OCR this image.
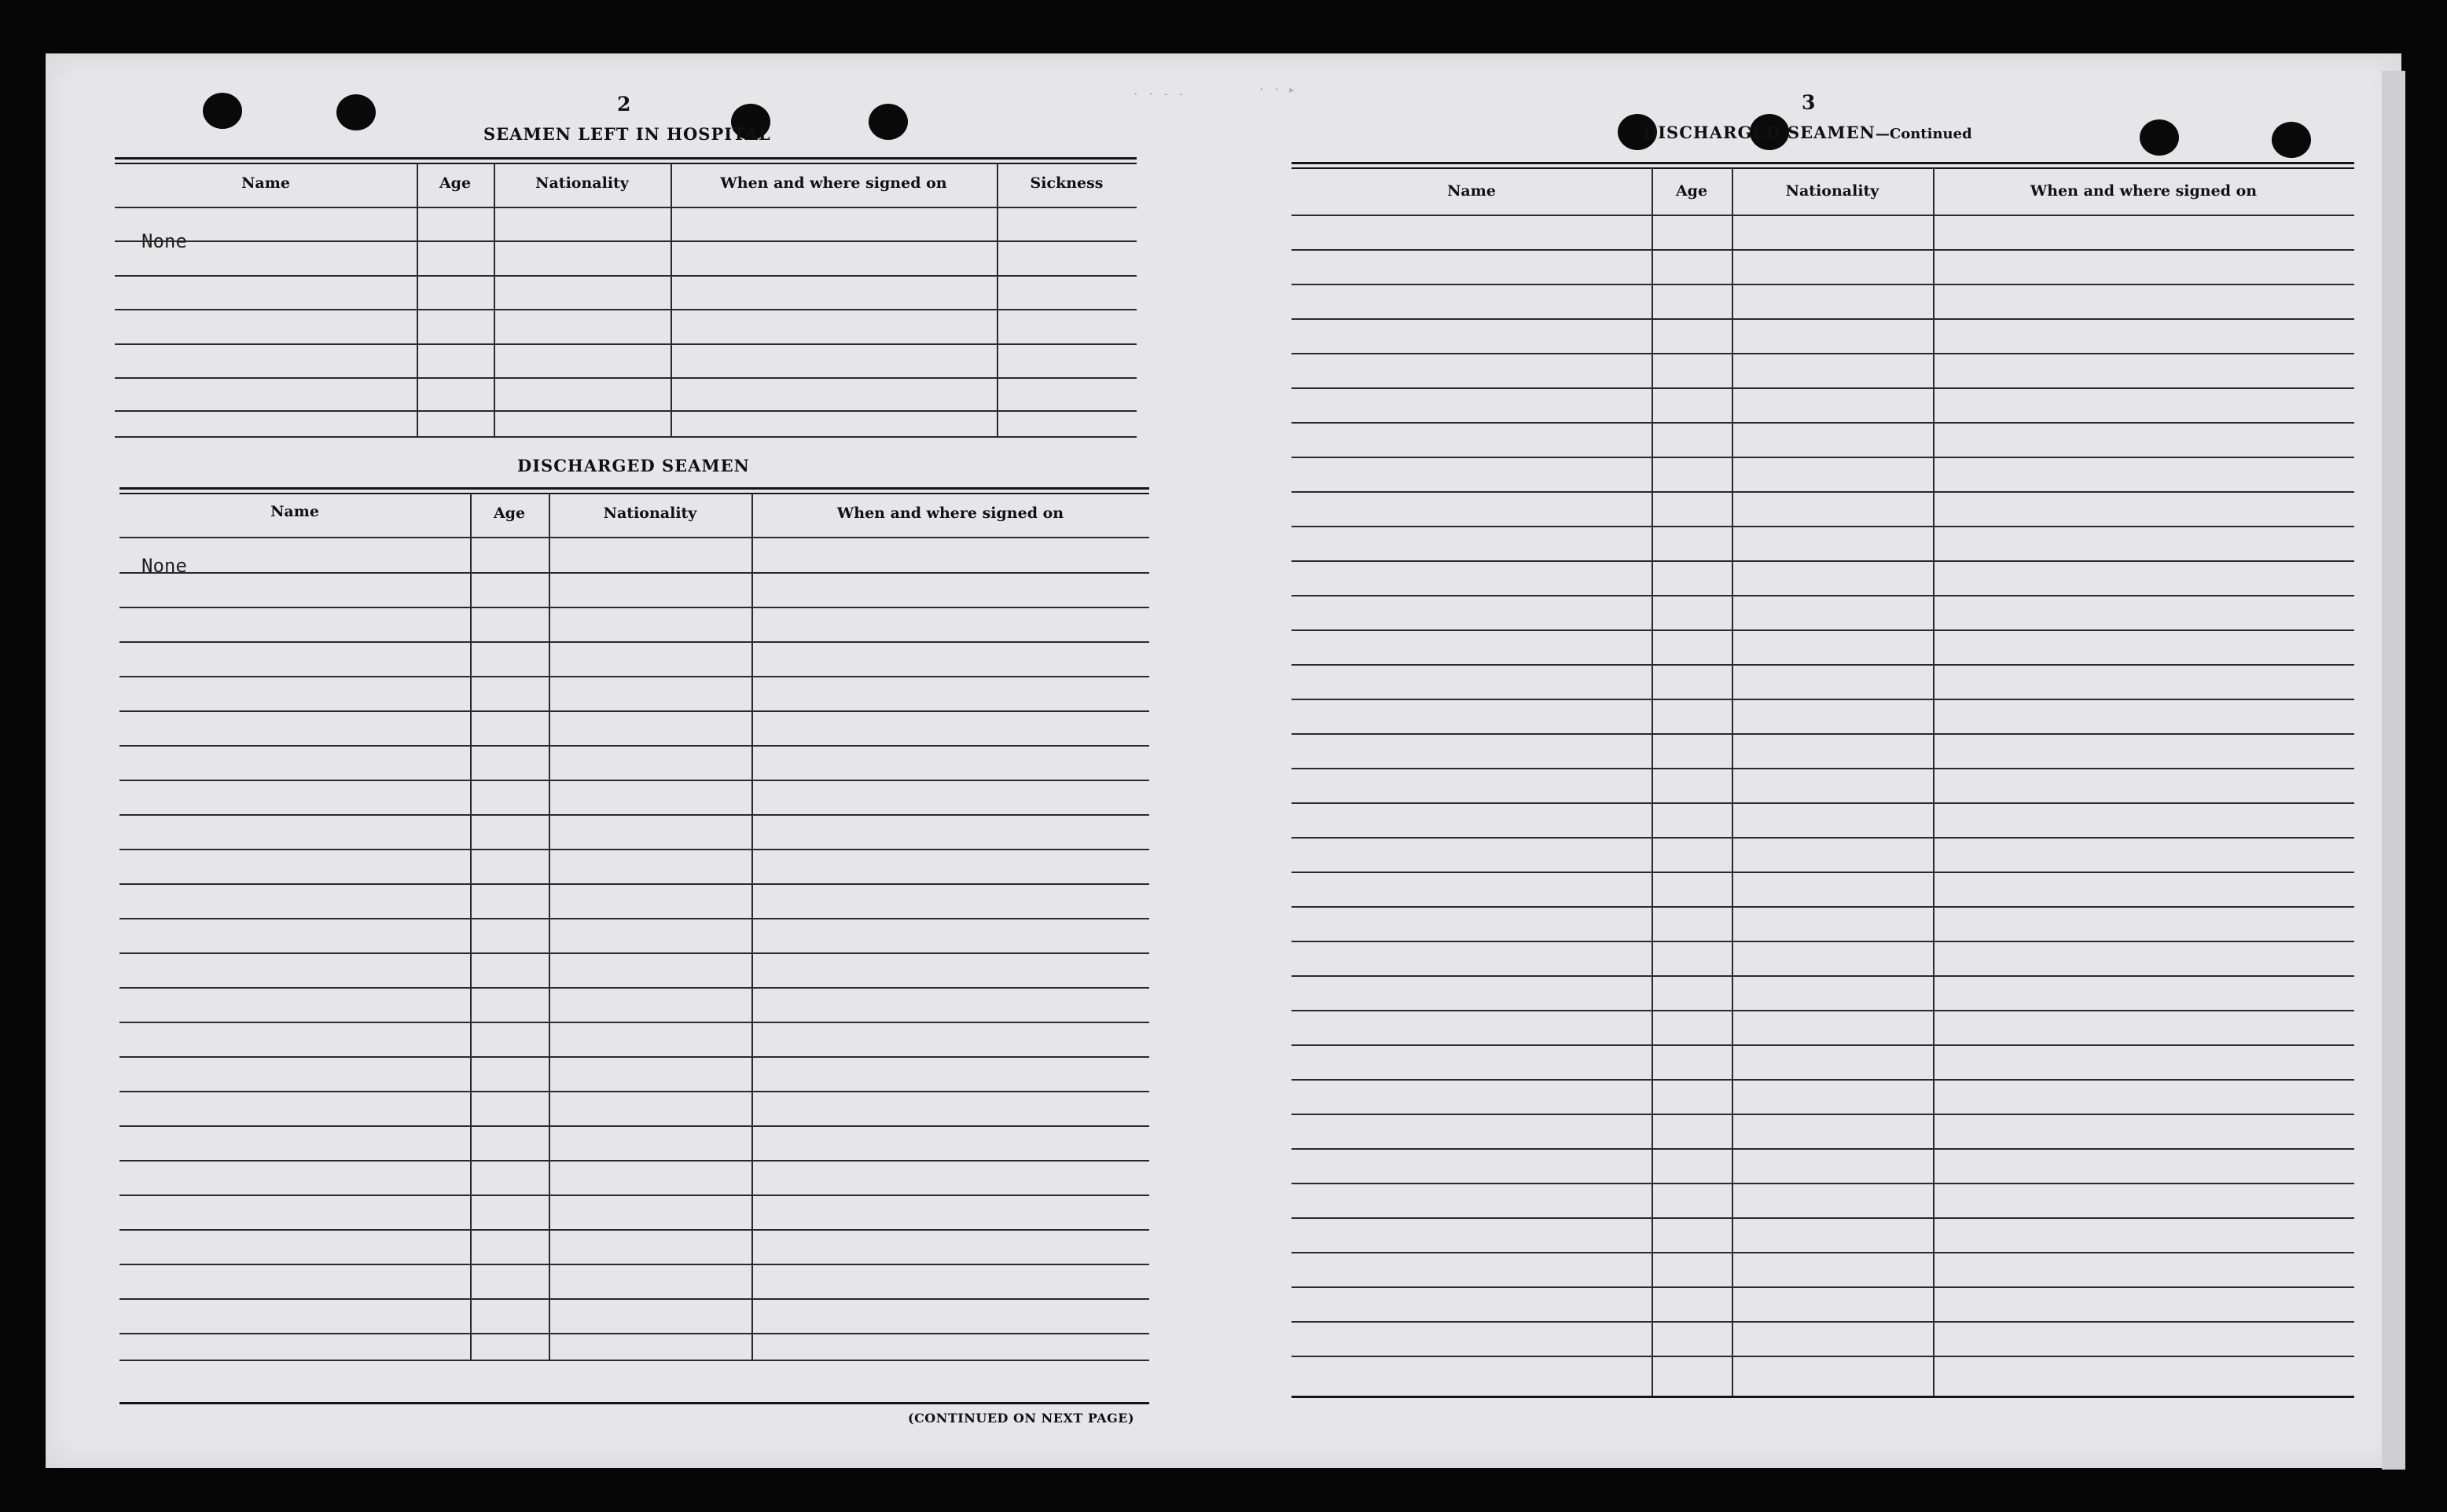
· · - -	· · ▸
2
SEAMEN LEFT IN HOSPITAL
Name	Age	Nationality	When and where signed on	Sickness
None
DISCHARGED SEAMEN
Name	Age	Nationality	When and where signed on
None
(CONTINUED ON NEXT PAGE)
3
DISCHARGED SEAMEN—Continued
Name	Age	Nationality	When and where signed on
